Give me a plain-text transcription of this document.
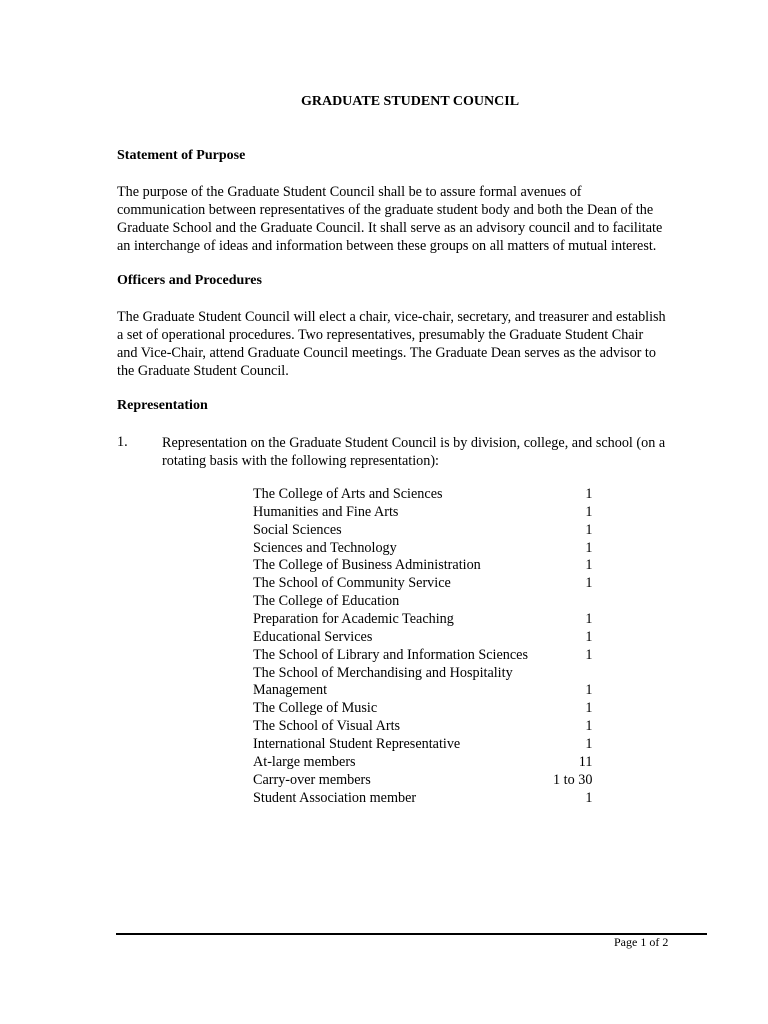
GRADUATE STUDENT COUNCIL
Statement of Purpose
The purpose of the Graduate Student Council shall be to assure formal avenues of
communication between representatives of the graduate student body and both the Dean of the
Graduate School and the Graduate Council. It shall serve as an advisory council and to facilitate
an interchange of ideas and information between these groups on all matters of mutual interest.
Officers and Procedures
The Graduate Student Council will elect a chair, vice-chair, secretary, and treasurer and establish
a set of operational procedures. Two representatives, presumably the Graduate Student Chair
and Vice-Chair, attend Graduate Council meetings. The Graduate Dean serves as the advisor to
the Graduate Student Council.
Representation
1. Representation on the Graduate Student Council is by division, college, and school (on a
rotating basis with the following representation):
The College of Arts and Sciences	1
Humanities and Fine Arts	1
Social Sciences	1
Sciences and Technology	1
The College of Business Administration	1
The School of Community Service	1
The College of Education	
Preparation for Academic Teaching	1
Educational Services	1
The School of Library and Information Sciences	1
The School of Merchandising and Hospitality	
Management	1
The College of Music	1
The School of Visual Arts	1
International Student Representative	1
At-large members	11
Carry-over members	1 to 30
Student Association member	1
Page 1 of 2
